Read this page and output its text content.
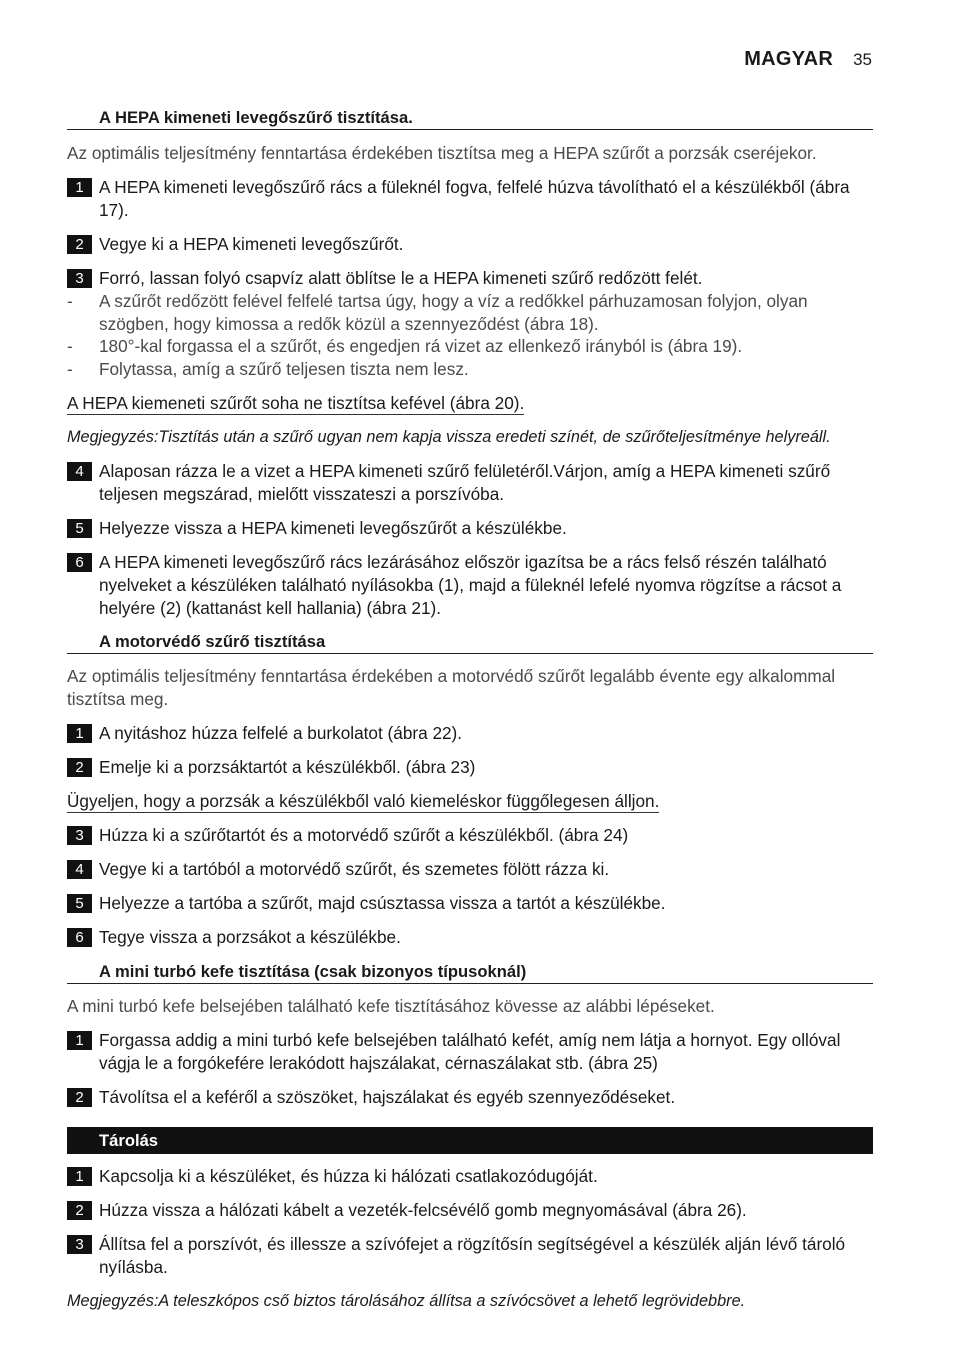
MAGYAR 35
A HEPA kimeneti levegőszűrő tisztítása.
Az optimális teljesítmény fenntartása érdekében tisztítsa meg a HEPA szűrőt a porzsák cseréjekor.
1 A HEPA kimeneti levegőszűrő rács a füleknél fogva, felfelé húzva távolítható el a készülékből (ábra 17).
2 Vegye ki a HEPA kimeneti levegőszűrőt.
3 Forró, lassan folyó csapvíz alatt öblítse le a HEPA kimeneti szűrő redőzött felét.
- A szűrőt redőzött felével felfelé tartsa úgy, hogy a víz a redőkkel párhuzamosan folyjon, olyan szögben, hogy kimossa a redők közül a szennyeződést (ábra 18).
- 180°-kal forgassa el a szűrőt, és engedjen rá vizet az ellenkező irányból is (ábra 19).
- Folytassa, amíg a szűrő teljesen tiszta nem lesz.
A HEPA kiemeneti szűrőt soha ne tisztítsa kefével (ábra 20).
Megjegyzés:Tisztítás után a szűrő ugyan nem kapja vissza eredeti színét, de szűrőteljesítménye helyreáll.
4 Alaposan rázza le a vizet a HEPA kimeneti szűrő felületéről.Várjon, amíg a HEPA kimeneti szűrő teljesen megszárad, mielőtt visszateszi a porszívóba.
5 Helyezze vissza a HEPA kimeneti levegőszűrőt a készülékbe.
6 A HEPA kimeneti levegőszűrő rács lezárásához először igazítsa be a rács felső részén található nyelveket a készüléken található nyílásokba (1), majd a füleknél lefelé nyomva rögzítse a rácsot a helyére (2) (kattanást kell hallania) (ábra 21).
A motorvédő szűrő tisztítása
Az optimális teljesítmény fenntartása érdekében a motorvédő szűrőt legalább évente egy alkalommal tisztítsa meg.
1 A nyitáshoz húzza felfelé a burkolatot (ábra 22).
2 Emelje ki a porzsáktartót a készülékből. (ábra 23)
Ügyeljen, hogy a porzsák a készülékből való kiemeléskor függőlegesen álljon.
3 Húzza ki a szűrőtartót és a motorvédő szűrőt a készülékből. (ábra 24)
4 Vegye ki a tartóból a motorvédő szűrőt, és szemetes fölött rázza ki.
5 Helyezze a tartóba a szűrőt, majd csúsztassa vissza a tartót a készülékbe.
6 Tegye vissza a porzsákot a készülékbe.
A mini turbó kefe tisztítása (csak bizonyos típusoknál)
A mini turbó kefe belsejében található kefe tisztításához kövesse az alábbi lépéseket.
1 Forgassa addig a mini turbó kefe belsejében található kefét, amíg nem látja a hornyot. Egy ollóval vágja le a forgókefére lerakódott hajszálakat, cérnaszálakat stb. (ábra 25)
2 Távolítsa el a keféről a szöszöket, hajszálakat és egyéb szennyeződéseket.
Tárolás
1 Kapcsolja ki a készüléket, és húzza ki hálózati csatlakozódugóját.
2 Húzza vissza a hálózati kábelt a vezeték-felcsévélő gomb megnyomásával (ábra 26).
3 Állítsa fel a porszívót, és illessze a szívófejet a rögzítősín segítségével a készülék alján lévő tároló nyílásba.
Megjegyzés:A teleszkópos cső biztos tárolásához állítsa a szívócsövet a lehető legrövidebbre.
